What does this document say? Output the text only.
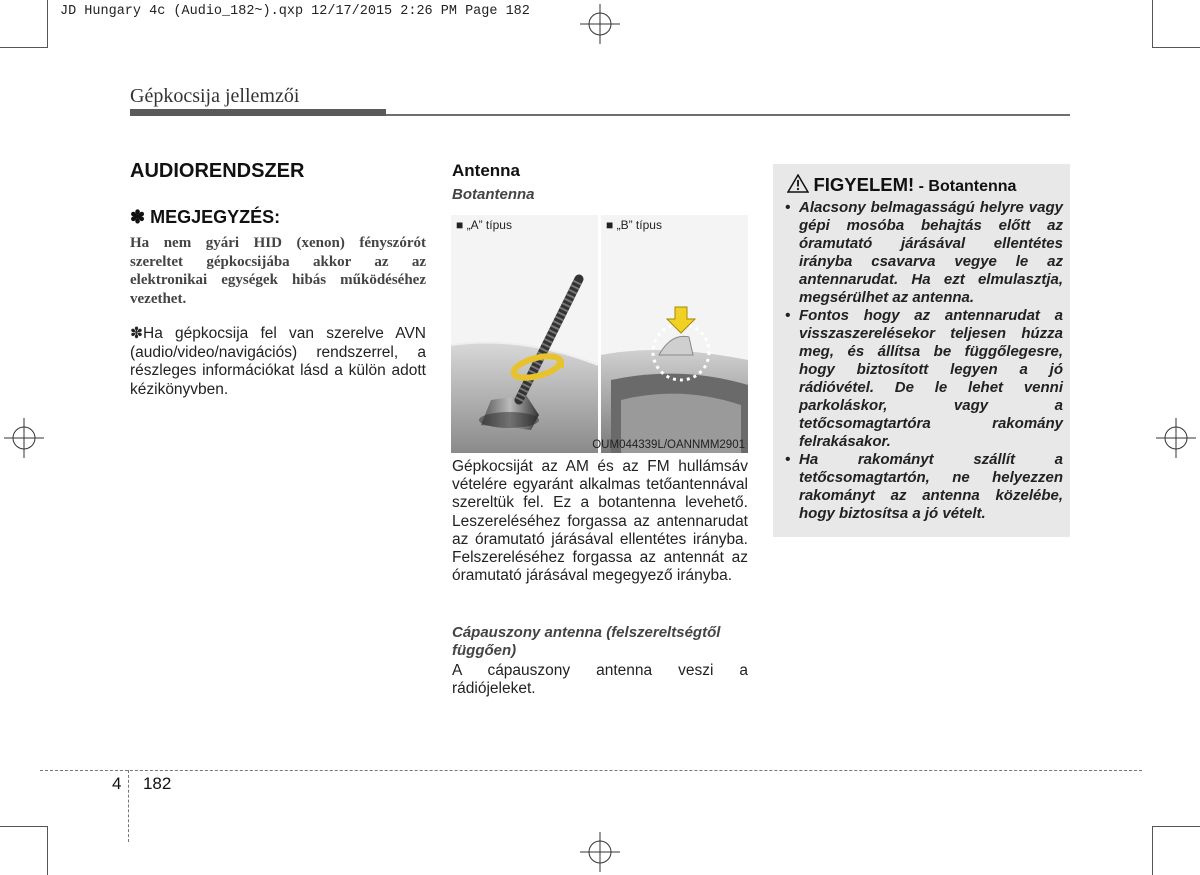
JD Hungary 4c (Audio_182~).qxp 12/17/2015 2:26 PM Page 182
Gépkocsija jellemzői
AUDIORENDSZER
✽ MEGJEGYZÉS:
Ha nem gyári HID (xenon) fényszórót szereltet gépkocsijába akkor az az elektronikai egységek hibás működéséhez vezethet.
✽Ha gépkocsija fel van szerelve AVN (audio/video/navigációs) rendszerrel, a részleges információkat lásd a külön adott kézikönyvben.
Antenna
Botantenna
■ „A” típus	■ „B” típus
OUM044339L/OANNMM2901
Gépkocsiját az AM és az FM hullámsáv vételére egyaránt alkalmas tetőantennával szereltük fel. Ez a botantenna levehető. Leszereléséhez forgassa az antennarudat az óramutató járásával ellentétes irányba. Felszereléséhez forgassa az antennát az óramutató járásával megegyező irányba.
Cápauszony antenna (felszereltségtől függően)
A cápauszony antenna veszi a rádiójeleket.
FIGYELEM! - Botantenna
• Alacsony belmagasságú helyre vagy gépi mosóba behajtás előtt az óramutató járásával ellentétes irányba csavarva vegye le az antennarudat. Ha ezt elmulasztja, megsérülhet az antenna.
• Fontos hogy az antennarudat a visszaszerelésekor teljesen húzza meg, és állítsa be függőlegesre, hogy biztosított legyen a jó rádióvétel. De le lehet venni parkoláskor, vagy a tetőcsomagtartóra rakomány felrakásakor.
• Ha rakományt szállít a tetőcsomagtartón, ne helyezzen rakományt az antenna közelébe, hogy biztosítsa a jó vételt.
4 182
